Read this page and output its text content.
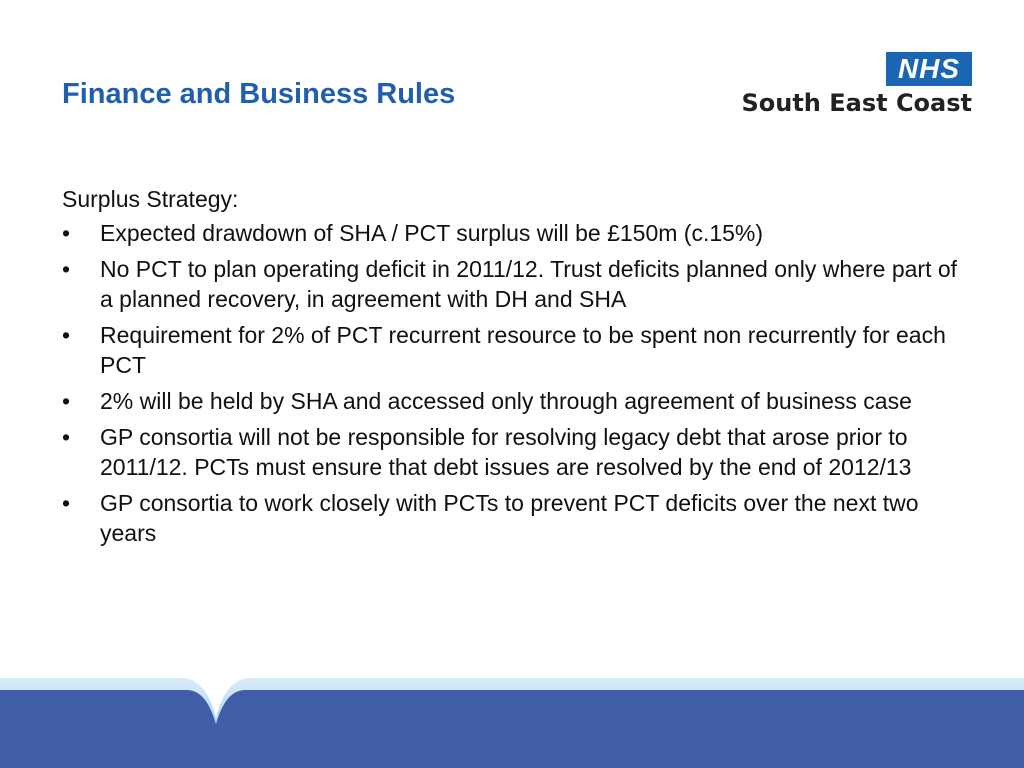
Finance and Business Rules
NHS
South East Coast

Surplus Strategy:

•	Expected drawdown of SHA / PCT surplus will be £150m (c.15%)
•	No PCT to plan operating deficit in 2011/12. Trust deficits planned only where part of a planned recovery, in agreement with DH and SHA
•	Requirement for 2% of PCT recurrent resource to be spent non recurrently for each PCT
•	2% will be held by SHA and accessed only through agreement of business case
•	GP consortia will not be responsible for resolving legacy debt that arose prior to 2011/12. PCTs must ensure that debt issues are resolved by the end of 2012/13
•	GP consortia to work closely with PCTs to prevent PCT deficits over the next two years
